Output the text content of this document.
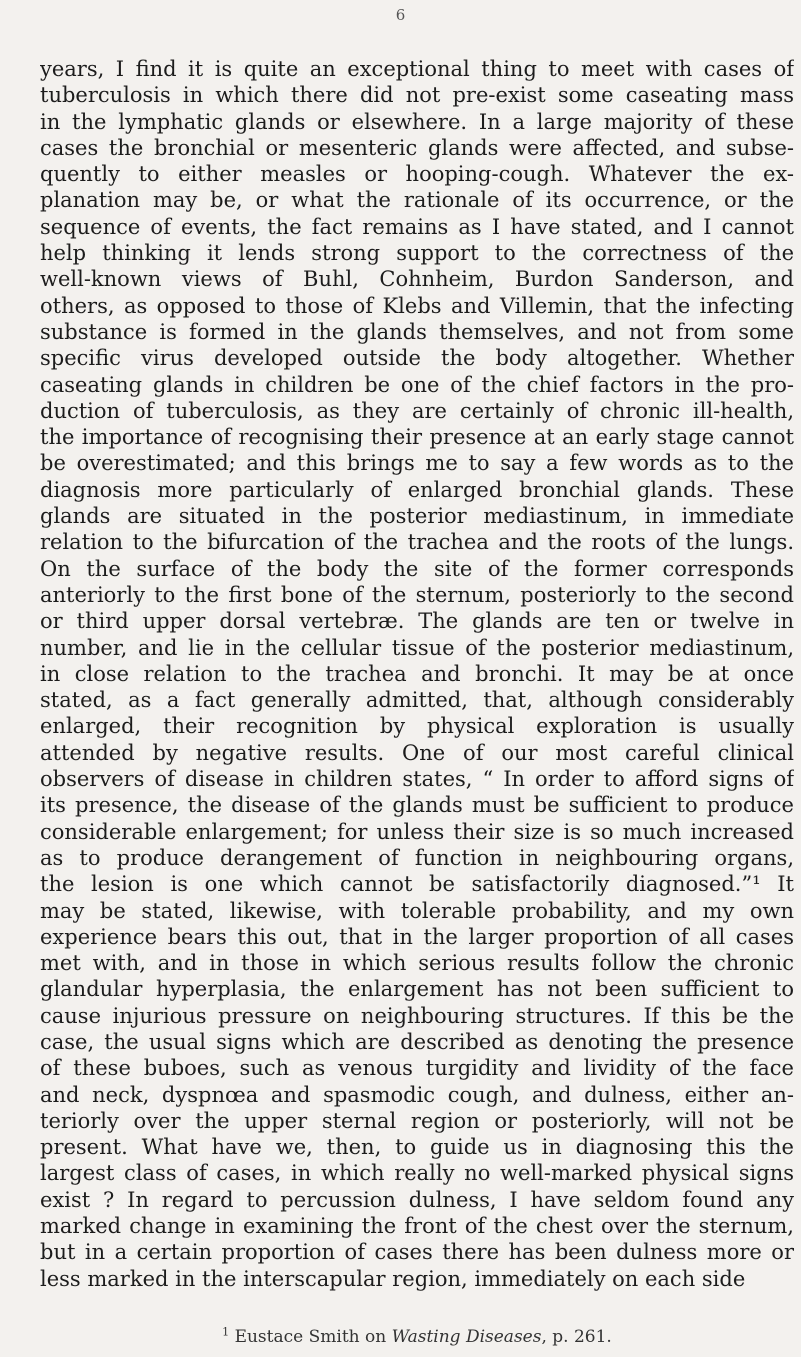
6
years, I find it is quite an exceptional thing to meet with cases of
tuberculosis in which there did not pre-exist some caseating mass
in the lymphatic glands or elsewhere. In a large majority of these
cases the bronchial or mesenteric glands were affected, and subse-
quently to either measles or hooping-cough. Whatever the ex-
planation may be, or what the rationale of its occurrence, or the
sequence of events, the fact remains as I have stated, and I cannot
help thinking it lends strong support to the correctness of the
well-known views of Buhl, Cohnheim, Burdon Sanderson, and
others, as opposed to those of Klebs and Villemin, that the infecting
substance is formed in the glands themselves, and not from some
specific virus developed outside the body altogether. Whether
caseating glands in children be one of the chief factors in the pro-
duction of tuberculosis, as they are certainly of chronic ill-health,
the importance of recognising their presence at an early stage cannot
be overestimated; and this brings me to say a few words as to the
diagnosis more particularly of enlarged bronchial glands. These
glands are situated in the posterior mediastinum, in immediate
relation to the bifurcation of the trachea and the roots of the lungs.
On the surface of the body the site of the former corresponds
anteriorly to the first bone of the sternum, posteriorly to the second
or third upper dorsal vertebræ. The glands are ten or twelve in
number, and lie in the cellular tissue of the posterior mediastinum,
in close relation to the trachea and bronchi. It may be at once
stated, as a fact generally admitted, that, although considerably
enlarged, their recognition by physical exploration is usually
attended by negative results. One of our most careful clinical
observers of disease in children states, “ In order to afford signs of
its presence, the disease of the glands must be sufficient to produce
considerable enlargement; for unless their size is so much increased
as to produce derangement of function in neighbouring organs,
the lesion is one which cannot be satisfactorily diagnosed.”¹ It
may be stated, likewise, with tolerable probability, and my own
experience bears this out, that in the larger proportion of all cases
met with, and in those in which serious results follow the chronic
glandular hyperplasia, the enlargement has not been sufficient to
cause injurious pressure on neighbouring structures. If this be the
case, the usual signs which are described as denoting the presence
of these buboes, such as venous turgidity and lividity of the face
and neck, dyspnœa and spasmodic cough, and dulness, either an-
teriorly over the upper sternal region or posteriorly, will not be
present. What have we, then, to guide us in diagnosing this the
largest class of cases, in which really no well-marked physical signs
exist ? In regard to percussion dulness, I have seldom found any
marked change in examining the front of the chest over the sternum,
but in a certain proportion of cases there has been dulness more or
less marked in the interscapular region, immediately on each side
$^1$ Eustace Smith on Wasting Diseases, p. 261.
